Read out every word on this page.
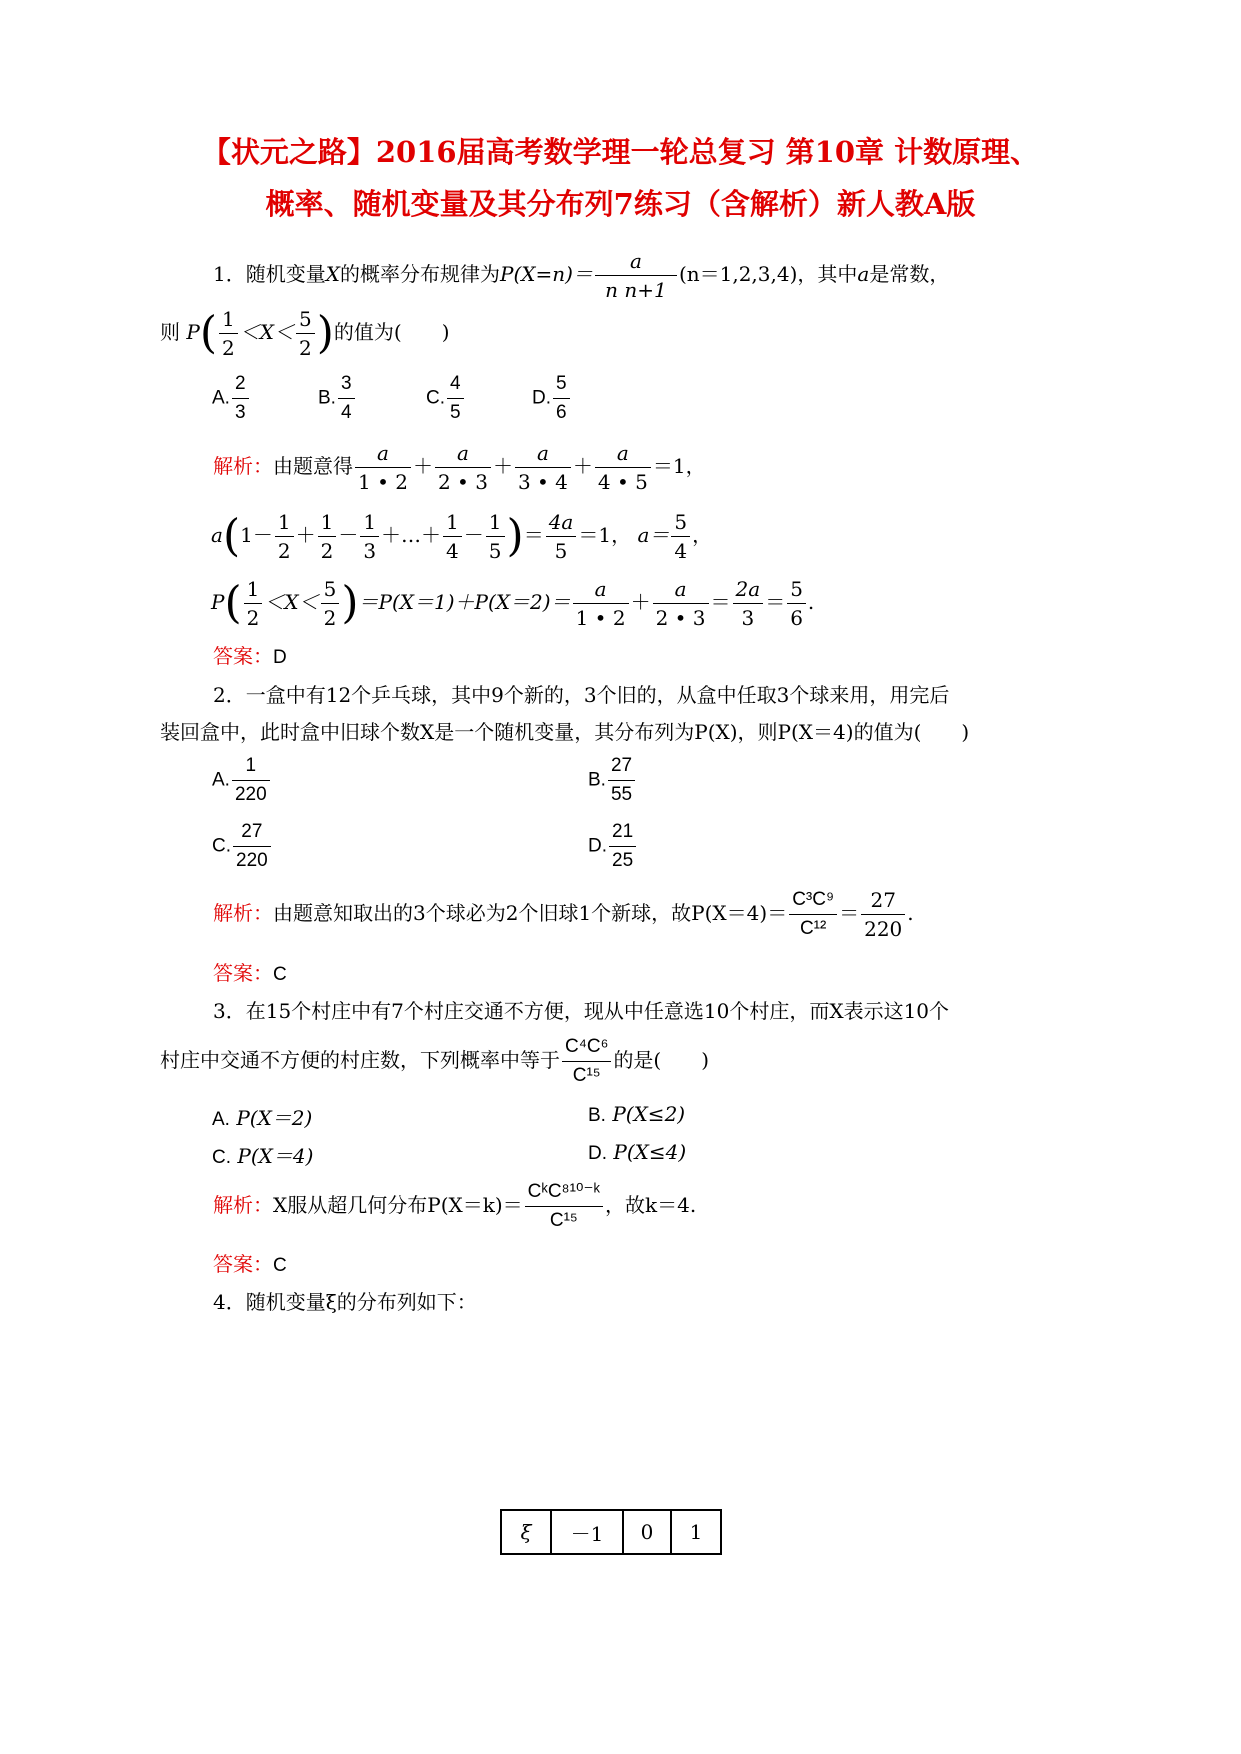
【状元之路】2016届高考数学理一轮总复习 第10章 计数原理、
概率、随机变量及其分布列7练习（含解析）新人教A版
1．随机变量X的概率分布规律为$P(X=n)= \frac{a}{\text{n n+1}} (n=1,2,3,4)$，其中a是常数，
则 $P( \frac{1}{2} <X< \frac{5}{2}$ )的值为(　　)
A. $\frac{2}{3}$	B. $\frac{3}{4}$	C. $\frac{4}{5}$	D. $\frac{5}{6}$
解析：由题意得 $\frac{a}{1 • 2} + \frac{a}{2 • 3} + \frac{a}{3 • 4} + \frac{a}{4 • 5} =1$，
$a(1- \frac{1}{2} + \frac{1}{2} - \frac{1}{3}$ ＋…＋ $\frac{1}{4} - \frac{1}{5}$ )＝ $\frac{4a}{5} =1$， $a= \frac{5}{4}$ ，
$P( \frac{1}{2} <X< \frac{5}{2} )=P(X=1)+P(X=2)= \frac{a}{1 • 2} + \frac{a}{2 • 3} = \frac{2a}{3} = \frac{5}{6}$ .
答案：D
2．一盒中有12个乒乓球，其中9个新的，3个旧的，从盒中任取3个球来用，用完后
装回盒中，此时盒中旧球个数X是一个随机变量，其分布列为P(X)，则P(X＝4)的值为(　　)
A. $\frac{1}{220}$	B. $\frac{27}{55}$
C. $\frac{27}{220}$	D. $\frac{21}{25}$
解析：由题意知取出的3个球必为2个旧球1个新球，故$P(X=4)= \frac{\text{C³C⁹}}{\text{C¹²}} = \frac{27}{220}$ .
答案：C
3．在15个村庄中有7个村庄交通不方便，现从中任意选10个村庄，而X表示这10个
村庄中交通不方便的村庄数，下列概率中等于 $\frac{\text{C⁴C⁶}}{\text{C¹⁵}}$ 的是(　　)
A. P(X＝2)	B. P(X≤2)
C. P(X＝4)	D. P(X≤4)
解析：X服从超几何分布$P(X=k)= \frac{\text{CᵏC⁸¹⁰⁻ᵏ}}{\text{C¹⁵}}$ ，故k＝4.
答案：C
4．随机变量ξ的分布列如下：
ξ	－1	0	1
